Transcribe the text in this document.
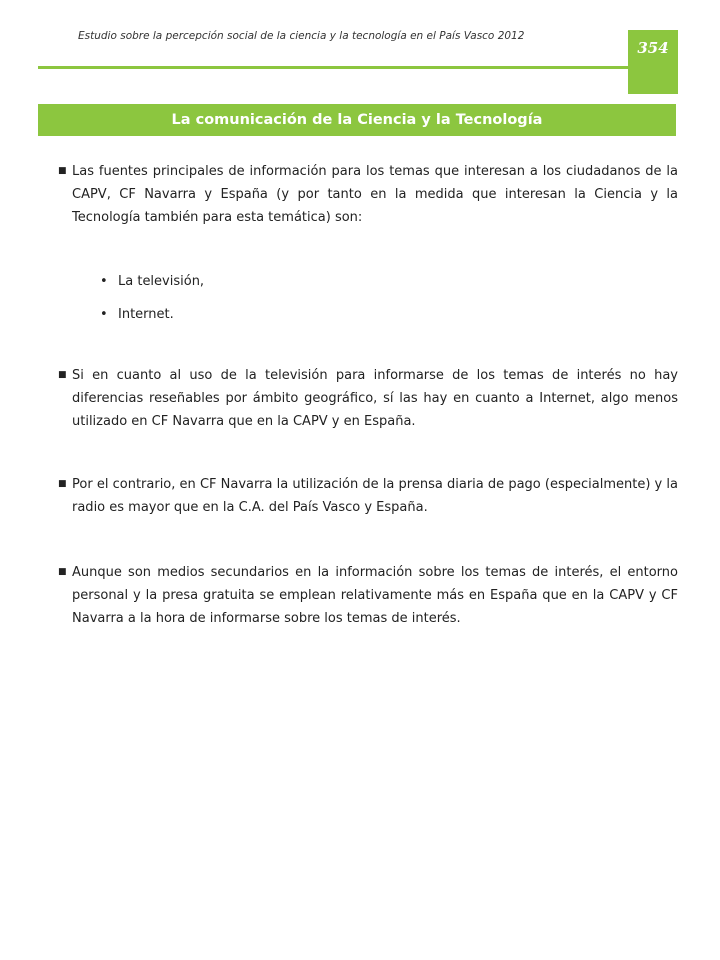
Estudio sobre la percepción social de la ciencia y la tecnología en el País Vasco 2012
354
La comunicación de la Ciencia y la Tecnología
■ Las fuentes principales de información para los temas que interesan a los ciudadanos de la CAPV, CF Navarra y España (y por tanto en la medida que interesan la Ciencia y la Tecnología también para esta temática) son:
• La televisión,
• Internet.
■ Si en cuanto al uso de la televisión para informarse de los temas de interés no hay diferencias reseñables por ámbito geográfico, sí las hay en cuanto a Internet, algo menos utilizado en CF Navarra que en la CAPV y en España.
■ Por el contrario, en CF Navarra la utilización de la prensa diaria de pago (especialmente) y la radio es mayor que en la C.A. del País Vasco y España.
■ Aunque son medios secundarios en la información sobre los temas de interés, el entorno personal y la presa gratuita se emplean relativamente más en España que en la CAPV y CF Navarra a la hora de informarse sobre los temas de interés.
